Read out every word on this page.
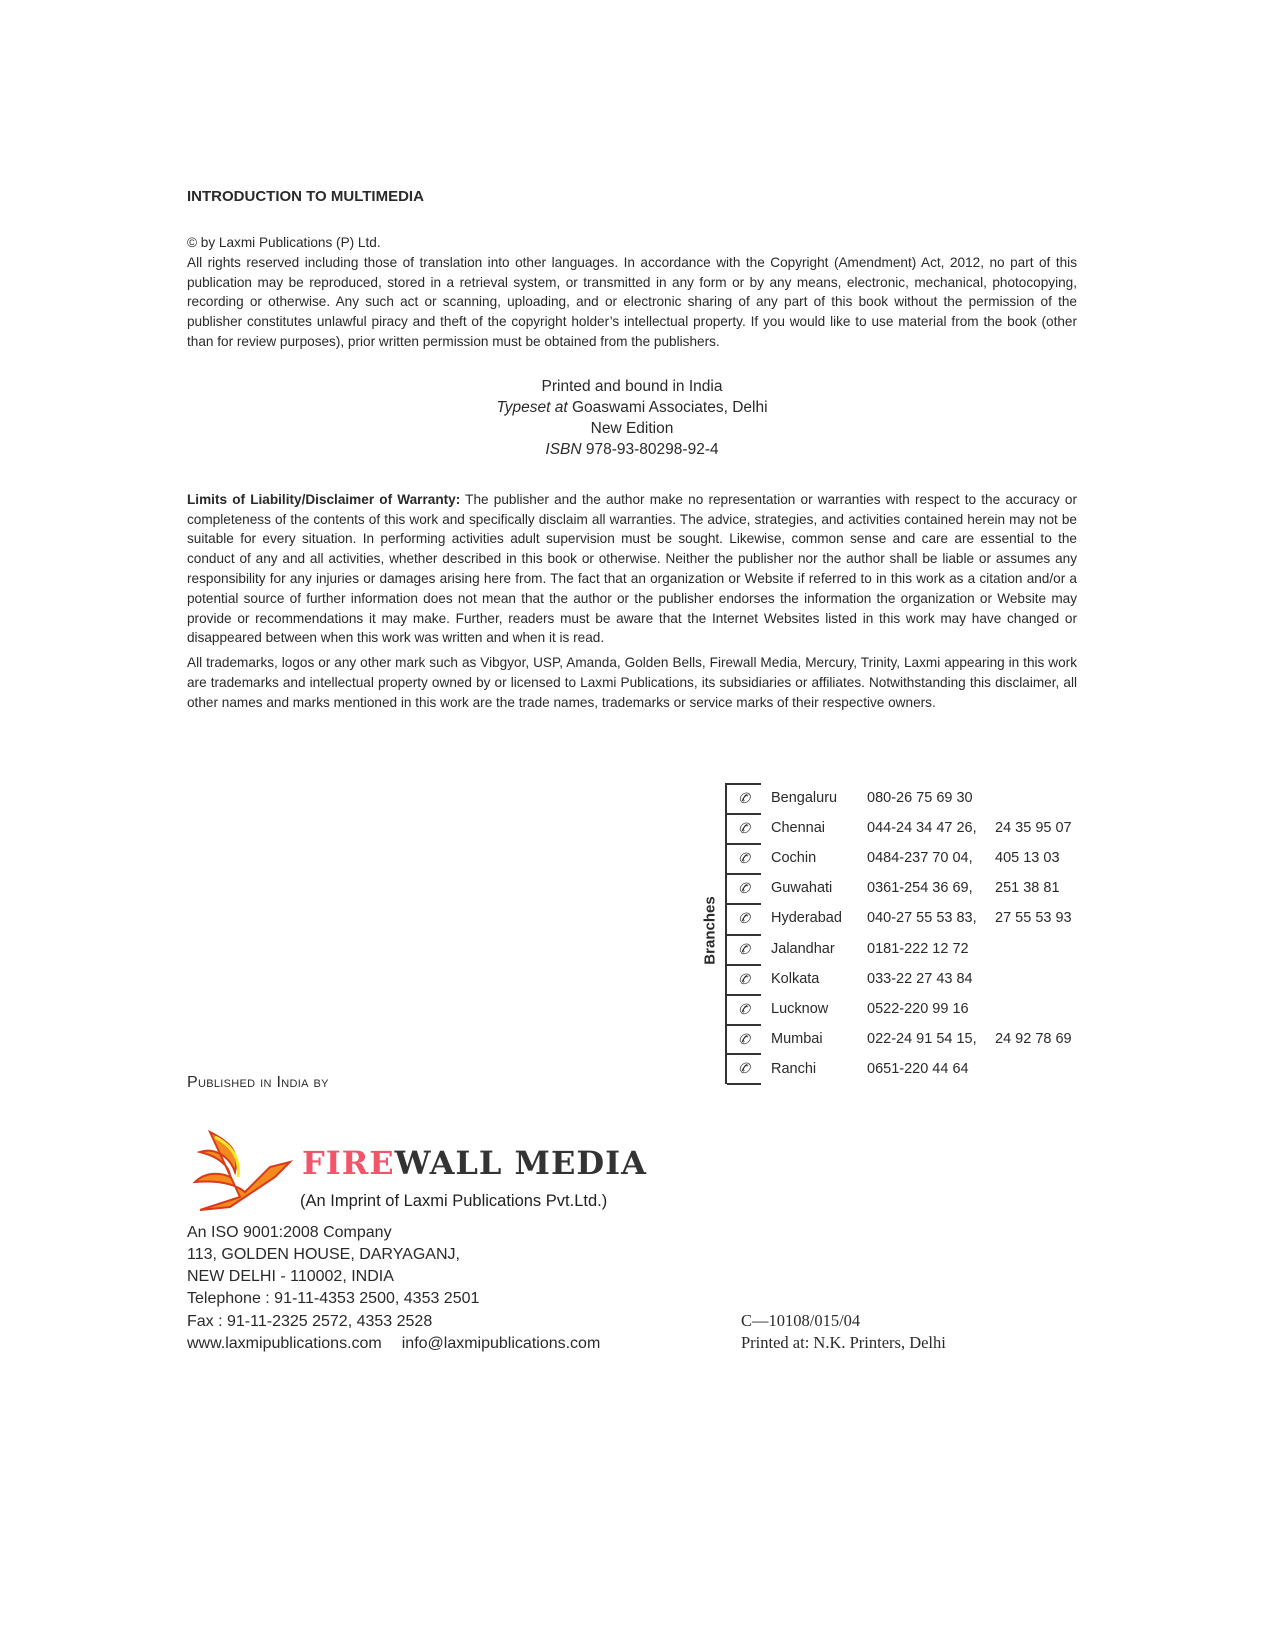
INTRODUCTION TO MULTIMEDIA

© by Laxmi Publications (P) Ltd.

All rights reserved including those of translation into other languages. In accordance with the Copyright (Amendment) Act, 2012, no part of this publication may be reproduced, stored in a retrieval system, or transmitted in any form or by any means, electronic, mechanical, photocopying, recording or otherwise. Any such act or scanning, uploading, and or electronic sharing of any part of this book without the permission of the publisher constitutes unlawful piracy and theft of the copyright holder’s intellectual property. If you would like to use material from the book (other than for review purposes), prior written permission must be obtained from the publishers.

Printed and bound in India
Typeset at Goaswami Associates, Delhi
New Edition
ISBN 978-93-80298-92-4

Limits of Liability/Disclaimer of Warranty: The publisher and the author make no representation or warranties with respect to the accuracy or completeness of the contents of this work and specifically disclaim all warranties. The advice, strategies, and activities contained herein may not be suitable for every situation. In performing activities adult supervision must be sought. Likewise, common sense and care are essential to the conduct of any and all activities, whether described in this book or otherwise. Neither the publisher nor the author shall be liable or assumes any responsibility for any injuries or damages arising here from. The fact that an organization or Website if referred to in this work as a citation and/or a potential source of further information does not mean that the author or the publisher endorses the information the organization or Website may provide or recommendations it may make. Further, readers must be aware that the Internet Websites listed in this work may have changed or disappeared between when this work was written and when it is read.

All trademarks, logos or any other mark such as Vibgyor, USP, Amanda, Golden Bells, Firewall Media, Mercury, Trinity, Laxmi appearing in this work are trademarks and intellectual property owned by or licensed to Laxmi Publications, its subsidiaries or affiliates. Notwithstanding this disclaimer, all other names and marks mentioned in this work are the trade names, trademarks or service marks of their respective owners.

Branches
✆	Bengaluru	080-26 75 69 30
✆	Chennai	044-24 34 47 26,	24 35 95 07
✆	Cochin	0484-237 70 04,	405 13 03
✆	Guwahati	0361-254 36 69,	251 38 81
✆	Hyderabad	040-27 55 53 83,	27 55 53 93
✆	Jalandhar	0181-222 12 72
✆	Kolkata	033-22 27 43 84
✆	Lucknow	0522-220 99 16
✆	Mumbai	022-24 91 54 15,	24 92 78 69
✆	Ranchi	0651-220 44 64
Published in India by
FIREWALL MEDIA
(An Imprint of Laxmi Publications Pvt.Ltd.)
An ISO 9001:2008 Company
113, GOLDEN HOUSE, DARYAGANJ,
NEW DELHI - 110002, INDIA
Telephone : 91-11-4353 2500, 4353 2501
Fax : 91-11-2325 2572, 4353 2528
www.laxmipublications.com info@laxmipublications.com
C—10108/015/04
Printed at: N.K. Printers, Delhi
